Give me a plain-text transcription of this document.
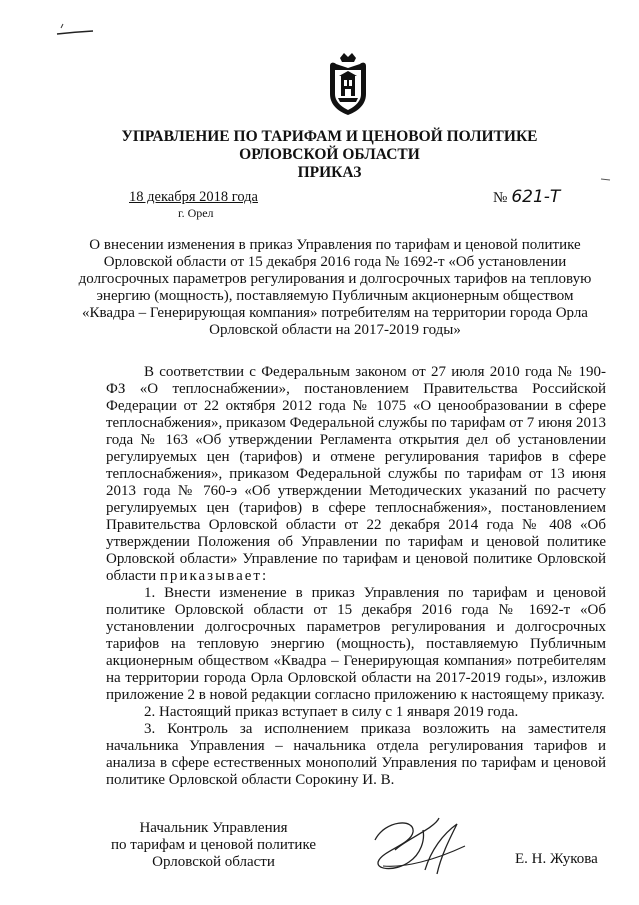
УПРАВЛЕНИЕ ПО ТАРИФАМ И ЦЕНОВОЙ ПОЛИТИКЕ
ОРЛОВСКОЙ ОБЛАСТИ
ПРИКАЗ
18 декабря 2018 года
г. Орел
№ 621-Т
О внесении изменения в приказ Управления по тарифам и ценовой политике Орловской области от 15 декабря 2016 года № 1692-т «Об установлении долгосрочных параметров регулирования и долгосрочных тарифов на тепловую энергию (мощность), поставляемую Публичным акционерным обществом «Квадра – Генерирующая компания» потребителям на территории города Орла Орловской области на 2017-2019 годы»

В соответствии с Федеральным законом от 27 июля 2010 года № 190-ФЗ «О теплоснабжении», постановлением Правительства Российской Федерации от 22 октября 2012 года № 1075 «О ценообразовании в сфере теплоснабжения», приказом Федеральной службы по тарифам от 7 июня 2013 года № 163 «Об утверждении Регламента открытия дел об установлении регулируемых цен (тарифов) и отмене регулирования тарифов в сфере теплоснабжения», приказом Федеральной службы по тарифам от 13 июня 2013 года № 760-э «Об утверждении Методических указаний по расчету регулируемых цен (тарифов) в сфере теплоснабжения», постановлением Правительства Орловской области от 22 декабря 2014 года № 408 «Об утверждении Положения об Управлении по тарифам и ценовой политике Орловской области» Управление по тарифам и ценовой политике Орловской области приказывает:

1. Внести изменение в приказ Управления по тарифам и ценовой политике Орловской области от 15 декабря 2016 года № 1692-т «Об установлении долгосрочных параметров регулирования и долгосрочных тарифов на тепловую энергию (мощность), поставляемую Публичным акционерным обществом «Квадра – Генерирующая компания» потребителям на территории города Орла Орловской области на 2017-2019 годы», изложив приложение 2 в новой редакции согласно приложению к настоящему приказу.

2. Настоящий приказ вступает в силу с 1 января 2019 года.

3. Контроль за исполнением приказа возложить на заместителя начальника Управления – начальника отдела регулирования тарифов и анализа в сфере естественных монополий Управления по тарифам и ценовой политике Орловской области Сорокину И. В.

Начальник Управления
по тарифам и ценовой политике
Орловской области	Е. Н. Жукова
